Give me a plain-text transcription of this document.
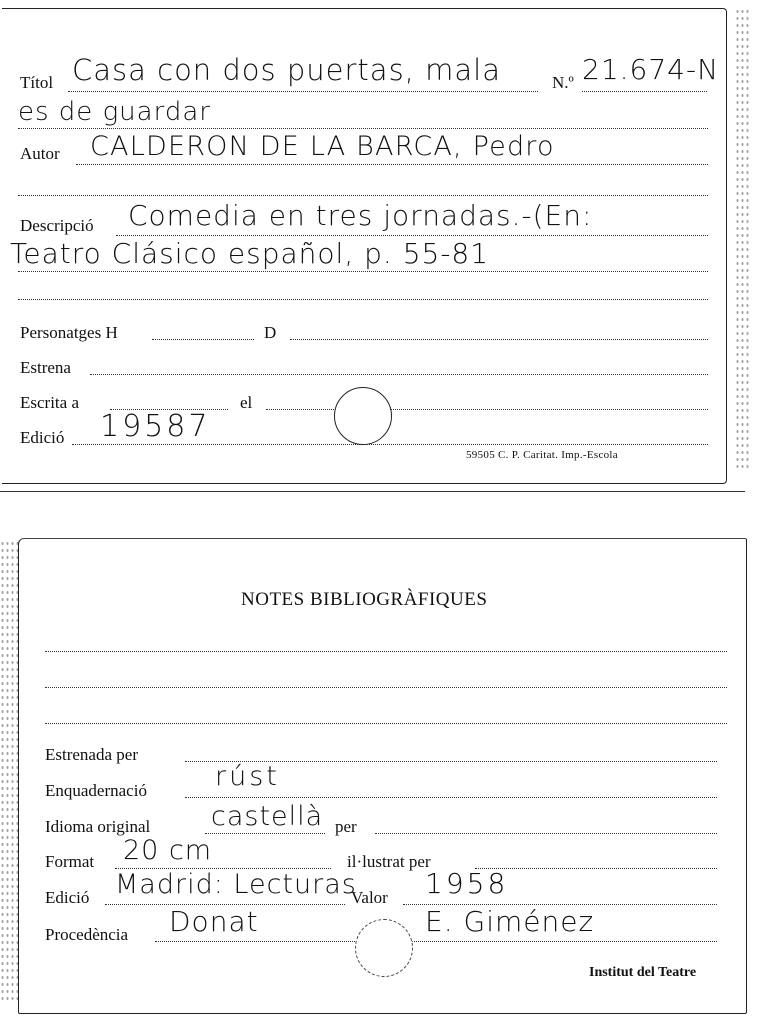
Títol Casa con dos puertas, mala	N.º 21.674-N
es de guardar
Autor CALDERON DE LA BARCA, Pedro
Descripció Comedia en tres jornadas.-(En:
Teatro Clásico español, p. 55-81
Personatges H	D
Estrena
Escrita a	el
Edició 19587
59505 C. P. Caritat. Imp.-Escola
NOTES BIBLIOGRÀFIQUES
Estrenada per
Enquadernació	rúst
Idioma original castellà per
Format 20 cm	il·lustrat per
Edició Madrid: Lecturas
Valor 1958
Procedència Donat	E. Giménez
Institut del Teatre
